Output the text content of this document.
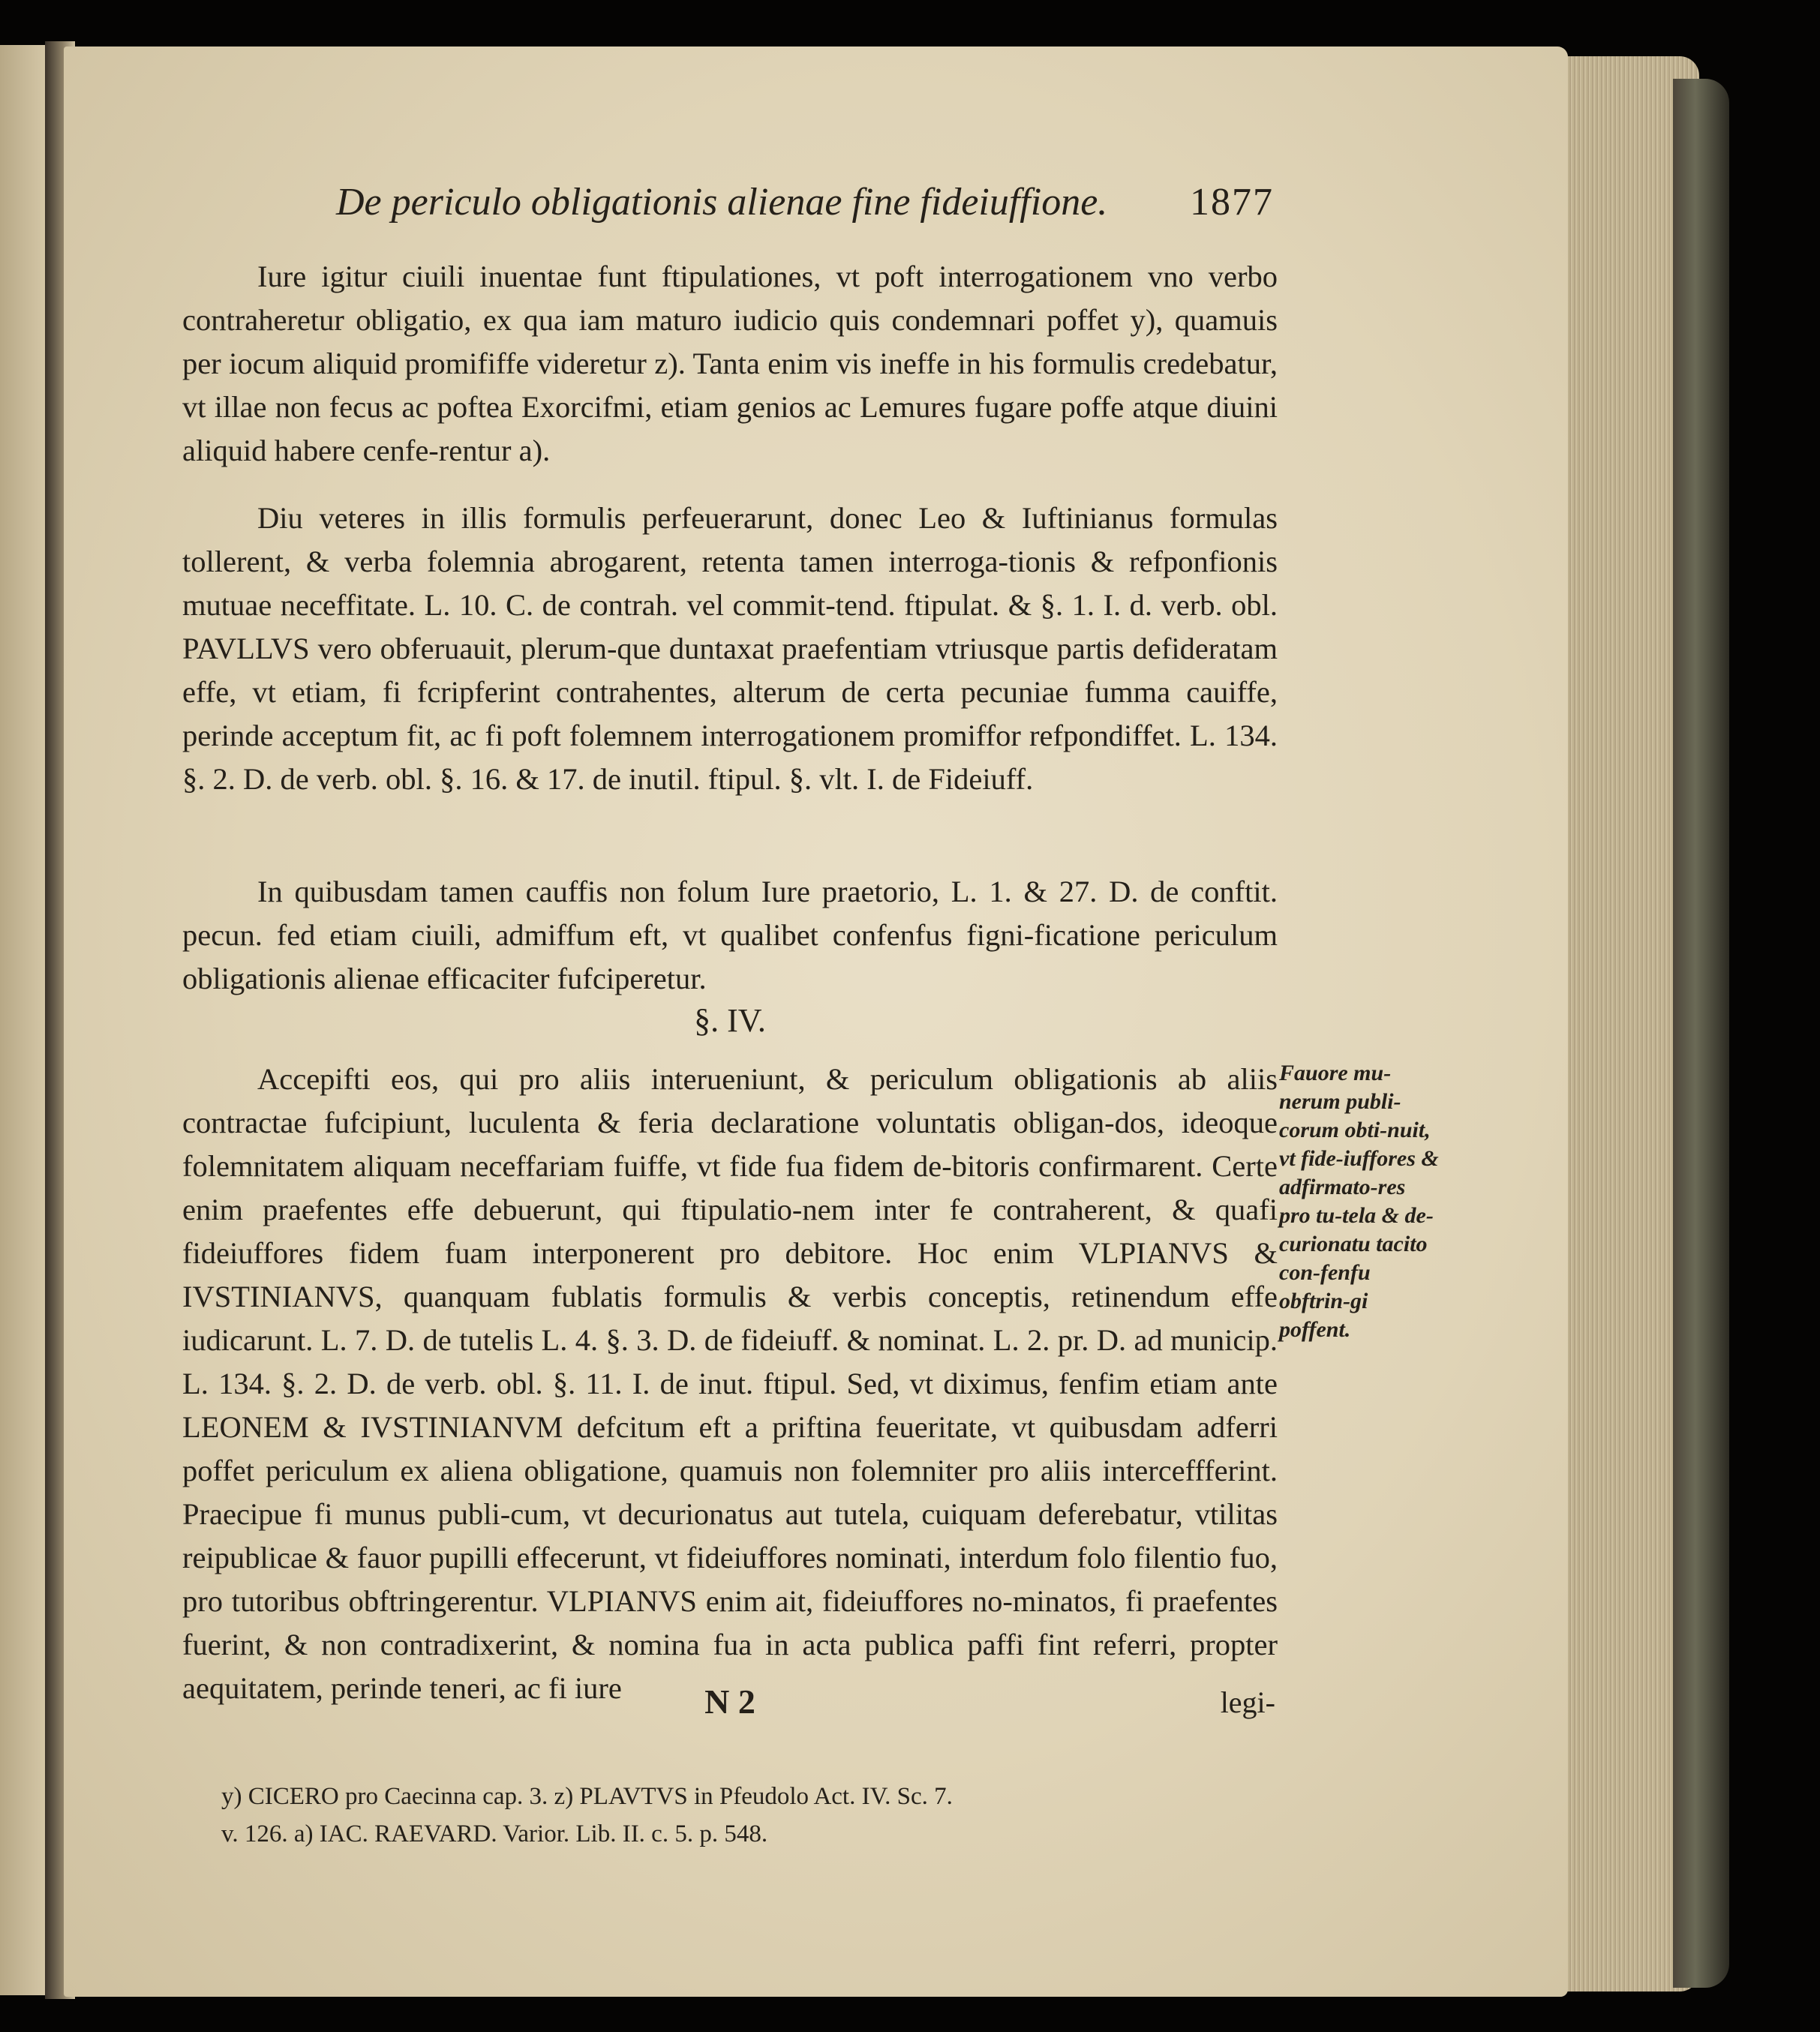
De periculo obligationis alienae fine fideiuffione. 1877

Iure igitur ciuili inuentae funt ftipulationes, vt poft interrogationem vno verbo contraheretur obligatio, ex qua iam maturo iudicio quis condemnari poffet y), quamuis per iocum aliquid promififfe videretur z). Tanta enim vis ineffe in his formulis credebatur, vt illae non fecus ac poftea Exorcifmi, etiam genios ac Lemures fugare poffe atque diuini aliquid habere cenfe-rentur a).

Diu veteres in illis formulis perfeuerarunt, donec Leo & Iuftinianus formulas tollerent, & verba folemnia abrogarent, retenta tamen interroga-tionis & refponfionis mutuae neceffitate. L. 10. C. de contrah. vel commit-tend. ftipulat. & §. 1. I. d. verb. obl. PAVLLVS vero obferuauit, plerum-que duntaxat praefentiam vtriusque partis defideratam effe, vt etiam, fi fcripferint contrahentes, alterum de certa pecuniae fumma cauiffe, perinde acceptum fit, ac fi poft folemnem interrogationem promiffor refpondiffet. L. 134. §. 2. D. de verb. obl. §. 16. & 17. de inutil. ftipul. §. vlt. I. de Fideiuff.

In quibusdam tamen cauffis non folum Iure praetorio, L. 1. & 27. D. de conftit. pecun. fed etiam ciuili, admiffum eft, vt qualibet confenfus figni-ficatione periculum obligationis alienae efficaciter fufciperetur.

§. IV.

Accepifti eos, qui pro aliis interueniunt, & periculum obligationis ab aliis contractae fufcipiunt, luculenta & feria declaratione voluntatis obligan-dos, ideoque folemnitatem aliquam neceffariam fuiffe, vt fide fua fidem de-bitoris confirmarent. Certe enim praefentes effe debuerunt, qui ftipulatio-nem inter fe contraherent, & quafi fideiuffores fidem fuam interponerent pro debitore. Hoc enim VLPIANVS & IVSTINIANVS, quanquam fublatis formulis & verbis conceptis, retinendum effe iudicarunt. L. 7. D. de tutelis L. 4. §. 3. D. de fideiuff. & nominat. L. 2. pr. D. ad municip. L. 134. §. 2. D. de verb. obl. §. 11. I. de inut. ftipul. Sed, vt diximus, fenfim etiam ante LEONEM & IVSTINIANVM defcitum eft a priftina feueritate, vt quibusdam adferri poffet periculum ex aliena obligatione, quamuis non folemniter pro aliis interceffferint. Praecipue fi munus publi-cum, vt decurionatus aut tutela, cuiquam deferebatur, vtilitas reipublicae & fauor pupilli effecerunt, vt fideiuffores nominati, interdum folo filentio fuo, pro tutoribus obftringerentur. VLPIANVS enim ait, fideiuffores no-minatos, fi praefentes fuerint, & non contradixerint, & nomina fua in acta publica paffi fint referri, propter aequitatem, perinde teneri, ac fi iure

Fauore mu-nerum publi-corum obti-nuit, vt fide-iuffores & adfirmato-res pro tu-tela & de-curionatu tacito con-fenfu obftrin-gi poffent.
N 2	legi-
y) CICERO pro Caecinna cap. 3. z) PLAVTVS in Pfeudolo Act. IV. Sc. 7.
v. 126. a) IAC. RAEVARD. Varior. Lib. II. c. 5. p. 548.
